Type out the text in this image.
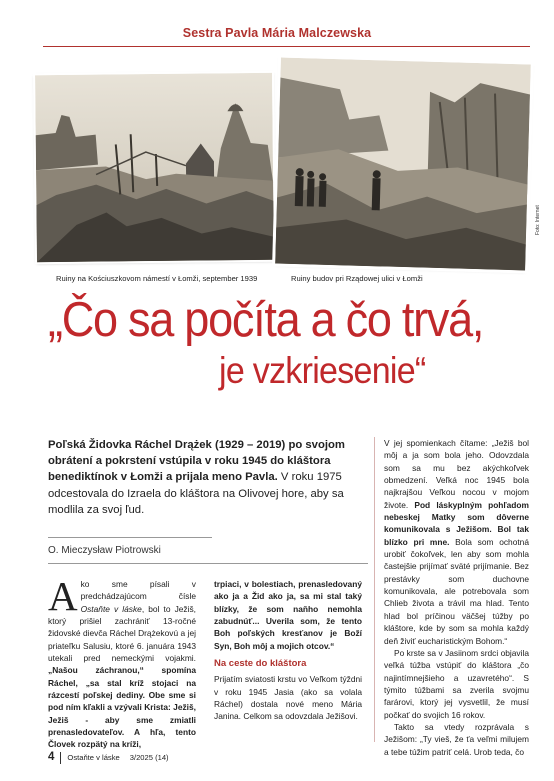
Sestra Pavla Mária Malczewska
Foto: Internet
Ruiny na Kościuszkovom námestí v Łomži, september 1939	Ruiny budov pri Rządowej ulici v Łomži
„Čo sa počíta a čo trvá,
je vzkriesenie“
Poľská Židovka Ráchel Drążek (1929 – 2019) po svojom obrátení a pokrstení vstúpila v roku 1945 do kláštora benediktínok v Łomži a prijala meno Pavla. V roku 1975 odcestovala do Izraela do kláštora na Olivovej hore, aby sa modlila za svoj ľud.
O. Mieczysław Piotrowski

Ako sme písali v predchádzajúcom čísle Ostaňte v láske, bol to Ježiš, ktorý prišiel zachrániť 13-ročné židovské dievča Ráchel Drążekovú a jej priateľku Salusiu, ktoré 6. januára 1943 utekali pred nemeckými vojakmi. „Našou záchranou,“ spomína Ráchel, „sa stal kríž stojaci na rázcestí poľskej dediny. Obe sme si pod ním kľakli a vzývali Krista: Ježiš, Ježiš - aby sme zmiatli prenasledovateľov. A hľa, tento Človek rozpätý na kríži,

trpiaci, v bolestiach, prenasledovaný ako ja a Žid ako ja, sa mi stal taký blízky, že som naňho nemohla zabudnúť... Uverila som, že tento Boh poľských kresťanov je Boží Syn, Boh môj a mojich otcov.“

Na ceste do kláštora

Prijatím sviatosti krstu vo Veľkom týždni v roku 1945 Jasia (ako sa volala Ráchel) dostala nové meno Mária Janina. Celkom sa odovzdala Ježišovi.

V jej spomienkach čítame: „Ježiš bol môj a ja som bola jeho. Odovzdala som sa mu bez akýchkoľvek obmedzení. Veľká noc 1945 bola najkrajšou Veľkou nocou v mojom živote. Pod láskyplným pohľadom nebeskej Matky som dôverne komunikovala s Ježišom. Bol tak blízko pri mne. Bola som ochotná urobiť čokoľvek, len aby som mohla častejšie prijímať sväté prijímanie. Bez prestávky som duchovne komunikovala, ale potrebovala som Chlieb života a trávil ma hlad. Tento hlad bol príčinou väčšej túžby po kláštore, kde by som sa mohla každý deň živiť eucharistickým Bohom.“

Po krste sa v Jasiinom srdci objavila veľká túžba vstúpiť do kláštora „čo najintímnejšieho a uzavretého“. S týmito túžbami sa zverila svojmu farárovi, ktorý jej vysvetlil, že musí počkať do svojich 16 rokov.

Takto sa vtedy rozprávala s Ježišom: „Ty vieš, že ťa veľmi milujem a tebe túžim patriť celá. Urob teda, čo

4 Ostaňte v láske 3/2025 (14)
